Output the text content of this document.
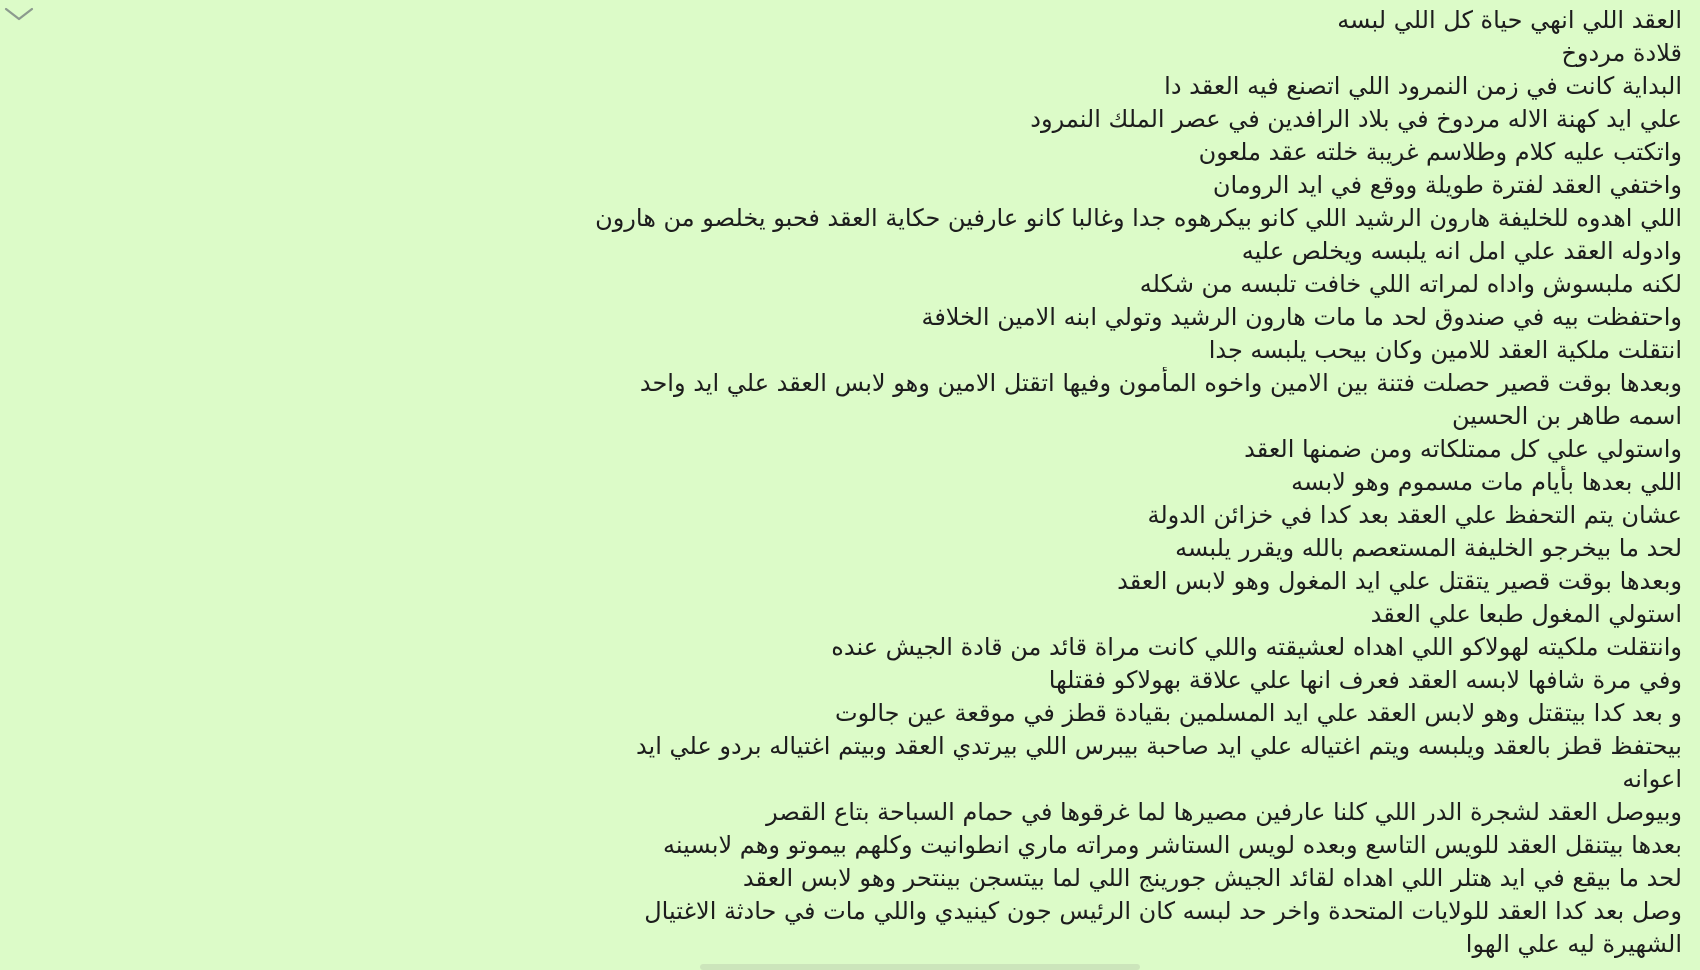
العقد اللي انهي حياة كل اللي لبسه
قلادة مردوخ
البداية كانت في زمن النمرود اللي اتصنع فيه العقد دا
علي ايد كهنة الاله مردوخ في بلاد الرافدين في عصر الملك النمرود
واتكتب عليه كلام وطلاسم غريبة خلته عقد ملعون
واختفي العقد لفترة طويلة ووقع في ايد الرومان
اللي اهدوه للخليفة هارون الرشيد اللي كانو بيكرهوه جدا وغالبا كانو عارفين حكاية العقد فحبو يخلصو من هارون
وادوله العقد علي امل انه يلبسه ويخلص عليه
لكنه ملبسوش واداه لمراته اللي خافت تلبسه من شكله
واحتفظت بيه في صندوق لحد ما مات هارون الرشيد وتولي ابنه الامين الخلافة
انتقلت ملكية العقد للامين وكان بيحب يلبسه جدا
وبعدها بوقت قصير حصلت فتنة بين الامين واخوه المأمون وفيها اتقتل الامين وهو لابس العقد علي ايد واحد
اسمه طاهر بن الحسين
واستولي علي كل ممتلكاته ومن ضمنها العقد
اللي بعدها بأيام مات مسموم وهو لابسه
عشان يتم التحفظ علي العقد بعد كدا في خزائن الدولة
لحد ما بيخرجو الخليفة المستعصم بالله ويقرر يلبسه
وبعدها بوقت قصير يتقتل علي ايد المغول وهو لابس العقد
استولي المغول طبعا علي العقد
وانتقلت ملكيته لهولاكو اللي اهداه لعشيقته واللي كانت مراة قائد من قادة الجيش عنده
وفي مرة شافها لابسه العقد فعرف انها علي علاقة بهولاكو فقتلها
و بعد كدا بيتقتل وهو لابس العقد علي ايد المسلمين بقيادة قطز في موقعة عين جالوت
بيحتفظ قطز بالعقد ويلبسه ويتم اغتياله علي ايد صاحبة بيبرس اللي بيرتدي العقد وبيتم اغتياله بردو علي ايد
اعوانه
وبيوصل العقد لشجرة الدر اللي كلنا عارفين مصيرها لما غرقوها في حمام السباحة بتاع القصر
بعدها بيتنقل العقد للويس التاسع وبعده لويس الستاشر ومراته ماري انطوانيت وكلهم بيموتو وهم لابسينه
لحد ما بيقع في ايد هتلر اللي اهداه لقائد الجيش جورينج اللي لما بيتسجن بينتحر وهو لابس العقد
وصل بعد كدا العقد للولايات المتحدة واخر حد لبسه كان الرئيس جون كينيدي واللي مات في حادثة الاغتيال
الشهيرة ليه علي الهوا
